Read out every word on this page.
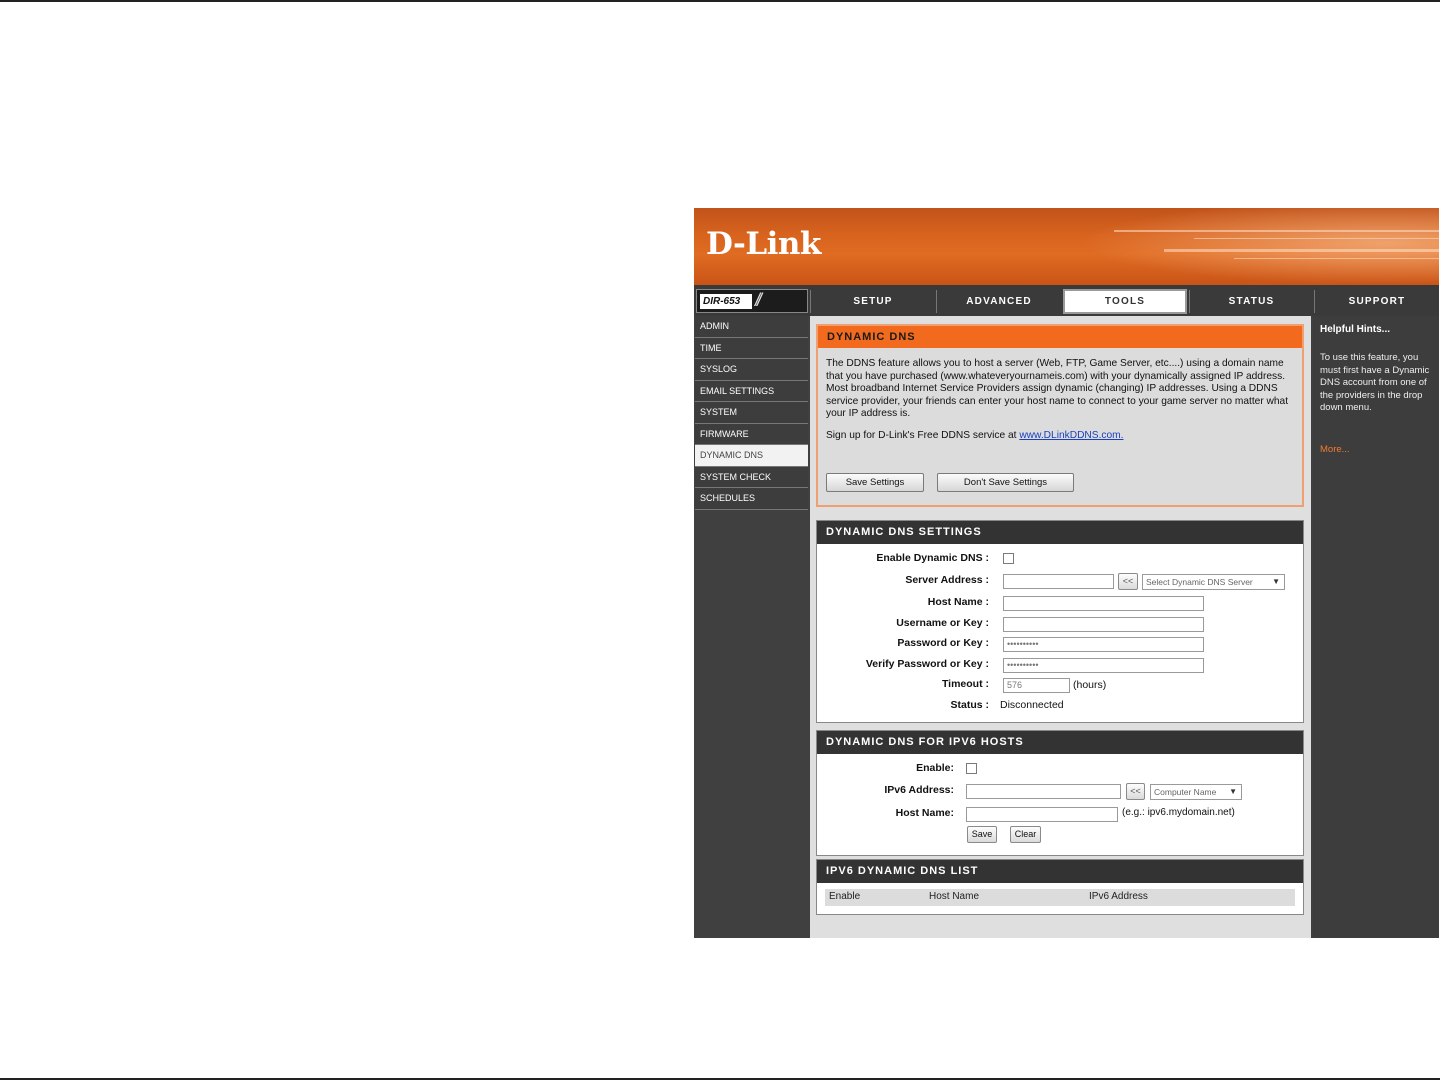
D-Link
DIR-653 //	SETUP	ADVANCED	TOOLS	STATUS	SUPPORT
ADMIN
TIME
SYSLOG
EMAIL SETTINGS
SYSTEM
FIRMWARE
DYNAMIC DNS
SYSTEM CHECK
SCHEDULES
DYNAMIC DNS
The DDNS feature allows you to host a server (Web, FTP, Game Server, etc....) using a domain name that you have purchased (www.whateveryournameis.com) with your dynamically assigned IP address. Most broadband Internet Service Providers assign dynamic (changing) IP addresses. Using a DDNS service provider, your friends can enter your host name to connect to your game server no matter what your IP address is.
Sign up for D-Link's Free DDNS service at www.DLinkDDNS.com.
Save Settings	Don't Save Settings
DYNAMIC DNS SETTINGS
Enable Dynamic DNS :
Server Address :	<<	Select Dynamic DNS Server ▼
Host Name :
Username or Key :
Password or Key :	••••••••••
Verify Password or Key :	••••••••••
Timeout :	576	(hours)
Status : Disconnected
DYNAMIC DNS FOR IPV6 HOSTS
Enable:
IPv6 Address:	<<	Computer Name ▼
Host Name:	(e.g.: ipv6.mydomain.net)
Save	Clear
IPV6 DYNAMIC DNS LIST
Enable	Host Name	IPv6 Address
Helpful Hints...
To use this feature, you must first have a Dynamic DNS account from one of the providers in the drop down menu.
More...
